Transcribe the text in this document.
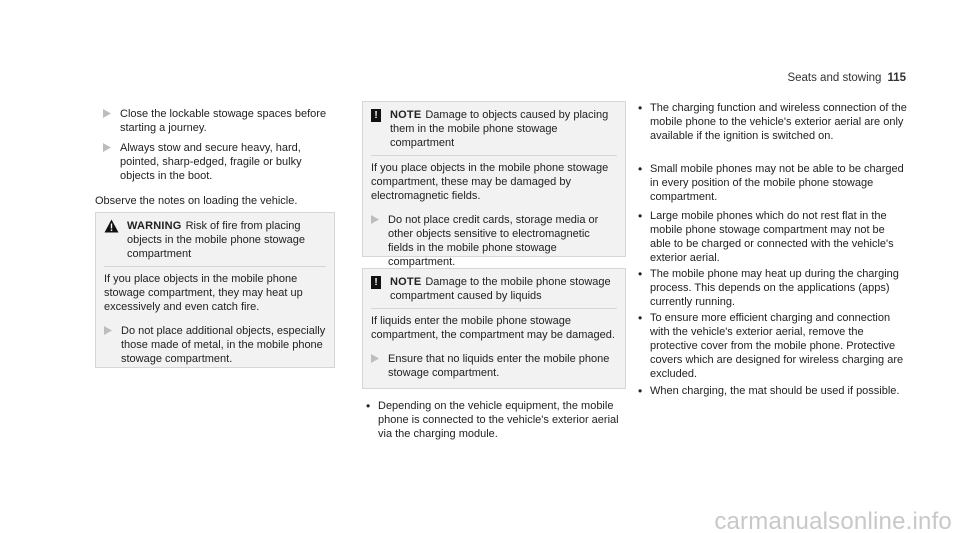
Seats and stowing 115
Close the lockable stowage spaces before starting a journey.
Always stow and secure heavy, hard, pointed, sharp-edged, fragile or bulky objects in the boot.
Observe the notes on loading the vehicle.
WARNING Risk of fire from placing objects in the mobile phone stowage compartment
If you place objects in the mobile phone stowage compartment, they may heat up excessively and even catch fire.
Do not place additional objects, especially those made of metal, in the mobile phone stowage compartment.
!	NOTE Damage to objects caused by placing them in the mobile phone stowage compartment
If you place objects in the mobile phone stowage compartment, these may be damaged by electromagnetic fields.
Do not place credit cards, storage media or other objects sensitive to electromagnetic fields in the mobile phone stowage compartment.
!	NOTE Damage to the mobile phone stowage compartment caused by liquids
If liquids enter the mobile phone stowage compartment, the compartment may be damaged.
Ensure that no liquids enter the mobile phone stowage compartment.
• Depending on the vehicle equipment, the mobile phone is connected to the vehicle's exterior aerial via the charging module.
• The charging function and wireless connection of the mobile phone to the vehicle's exterior aerial are only available if the ignition is switched on.
• Small mobile phones may not be able to be charged in every position of the mobile phone stowage compartment.
• Large mobile phones which do not rest flat in the mobile phone stowage compartment may not be able to be charged or connected with the vehicle's exterior aerial.
• The mobile phone may heat up during the charging process. This depends on the applications (apps) currently running.
• To ensure more efficient charging and connection with the vehicle's exterior aerial, remove the protective cover from the mobile phone. Protective covers which are designed for wireless charging are excluded.
• When charging, the mat should be used if possible.
carmanualsonline.info
